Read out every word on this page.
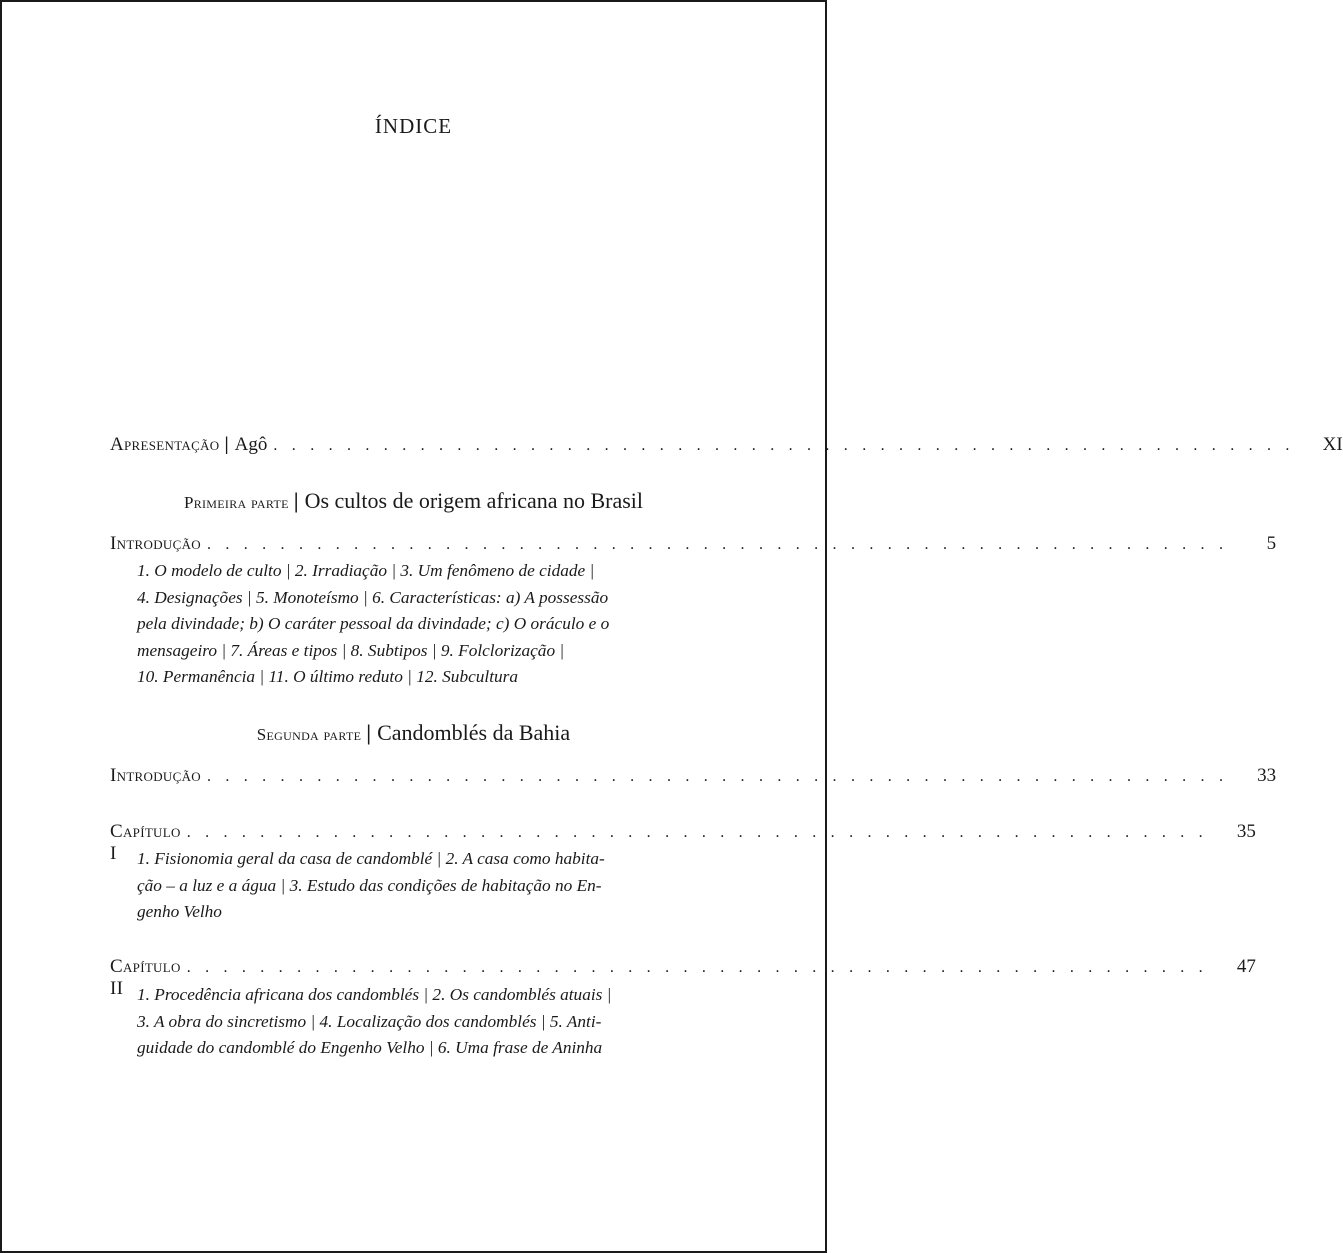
ÍNDICE
Apresentação | Agô . . . . . . . . . . . . . . . . . . . . . . . . . . . . . . . . . . . . . . . . . . . . . . . . . . . . . . . . XI
Primeira parte | Os cultos de origem africana no Brasil
Introdução . . . . . . . . . . . . . . . . . . . . . . . . . . . . . . . . . . . . . . . . . . . . . . . . . . . . . . . .	5
1. O modelo de culto | 2. Irradiação | 3. Um fenômeno de cidade |
4. Designações | 5. Monoteísmo | 6. Características: a) A possessão
pela divindade; b) O caráter pessoal da divindade; c) O oráculo e o
mensageiro | 7. Áreas e tipos | 8. Subtipos | 9. Folclorização |
10. Permanência | 11. O último reduto | 12. Subcultura
Segunda parte | Candomblés da Bahia
Introdução . . . . . . . . . . . . . . . . . . . . . . . . . . . . . . . . . . . . . . . . . . . . . . . . . . . . . . . . 33
Capítulo I
. . . . . . . . . . . . . . . . . . . . . . . . . . . . . . . . . . . . . . . . . . . . . . . . . . . . . . . . 35
1. Fisionomia geral da casa de candomblé | 2. A casa como habita-
ção – a luz e a água | 3. Estudo das condições de habitação no En-
genho Velho
Capítulo II
. . . . . . . . . . . . . . . . . . . . . . . . . . . . . . . . . . . . . . . . . . . . . . . . . . . . . . . . 47
1. Procedência africana dos candomblés | 2. Os candomblés atuais |
3. A obra do sincretismo | 4. Localização dos candomblés | 5. Anti-
guidade do candomblé do Engenho Velho | 6. Uma frase de Aninha
